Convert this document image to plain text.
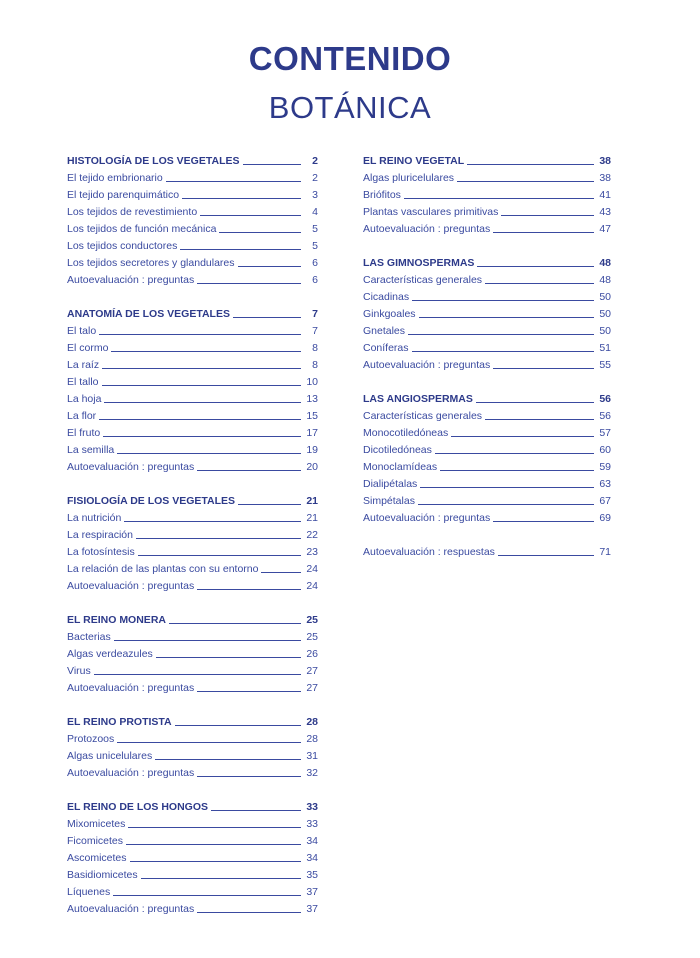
CONTENIDO
BOTÁNICA
HISTOLOGÍA DE LOS VEGETALES	2
El tejido embrionario	2
El tejido parenquimático	3
Los tejidos de revestimiento	4
Los tejidos de función mecánica	5
Los tejidos conductores	5
Los tejidos secretores y glandulares	6
Autoevaluación : preguntas	6
ANATOMÍA DE LOS VEGETALES	7
El talo	7
El cormo	8
La raíz	8
El tallo	10
La hoja	13
La flor	15
El fruto	17
La semilla	19
Autoevaluación : preguntas	20
FISIOLOGÍA DE LOS VEGETALES	21
La nutrición	21
La respiración	22
La fotosíntesis	23
La relación de las plantas con su entorno	24
Autoevaluación : preguntas	24
EL REINO MONERA	25
Bacterias	25
Algas verdeazules	26
Virus	27
Autoevaluación : preguntas	27
EL REINO PROTISTA	28
Protozoos	28
Algas unicelulares	31
Autoevaluación : preguntas	32
EL REINO DE LOS HONGOS	33
Mixomicetes	33
Ficomicetes	34
Ascomicetes	34
Basidiomicetes	35
Líquenes	37
Autoevaluación : preguntas	37
EL REINO VEGETAL	38
Algas pluricelulares	38
Briófitos	41
Plantas vasculares primitivas	43
Autoevaluación : preguntas	47
LAS GIMNOSPERMAS	48
Características generales	48
Cicadinas	50
Ginkgoales	50
Gnetales	50
Coníferas	51
Autoevaluación : preguntas	55
LAS ANGIOSPERMAS	56
Características generales	56
Monocotiledóneas	57
Dicotiledóneas	60
Monoclamídeas	59
Dialipétalas	63
Simpétalas	67
Autoevaluación : preguntas	69
Autoevaluación : respuestas	71
